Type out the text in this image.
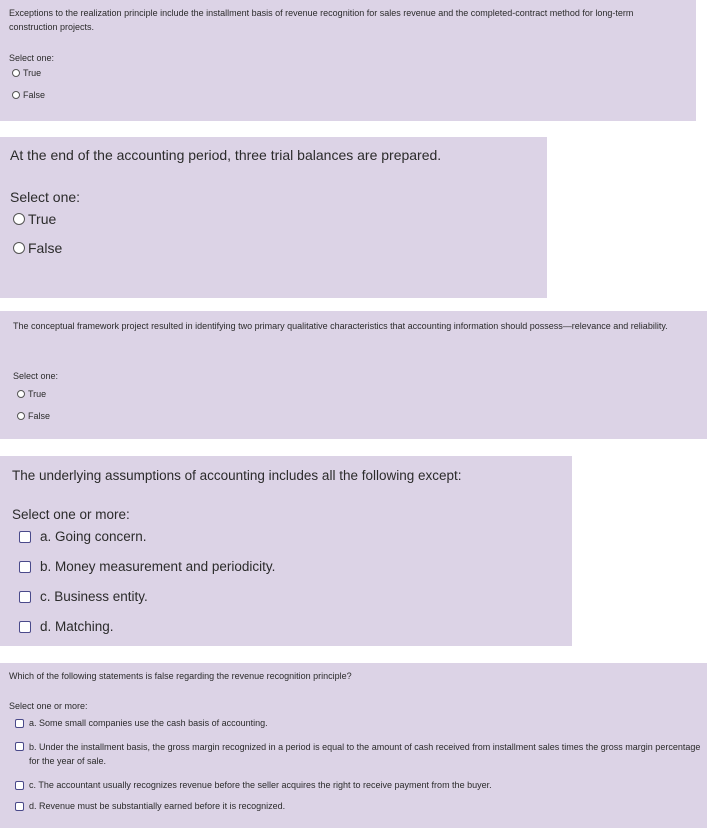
Exceptions to the realization principle include the installment basis of revenue recognition for sales revenue and the completed-contract method for long-term construction projects.

Select one:

True
False

At the end of the accounting period, three trial balances are prepared.

Select one:

True
False

The conceptual framework project resulted in identifying two primary qualitative characteristics that accounting information should possess—relevance and reliability.

Select one:

True
False

The underlying assumptions of accounting includes all the following except:

Select one or more:

a. Going concern.
b. Money measurement and periodicity.
c. Business entity.
d. Matching.

Which of the following statements is false regarding the revenue recognition principle?

Select one or more:

a. Some small companies use the cash basis of accounting.
b. Under the installment basis, the gross margin recognized in a period is equal to the amount of cash received from installment sales times the gross margin percentage for the year of sale.
c. The accountant usually recognizes revenue before the seller acquires the right to receive payment from the buyer.
d. Revenue must be substantially earned before it is recognized.
